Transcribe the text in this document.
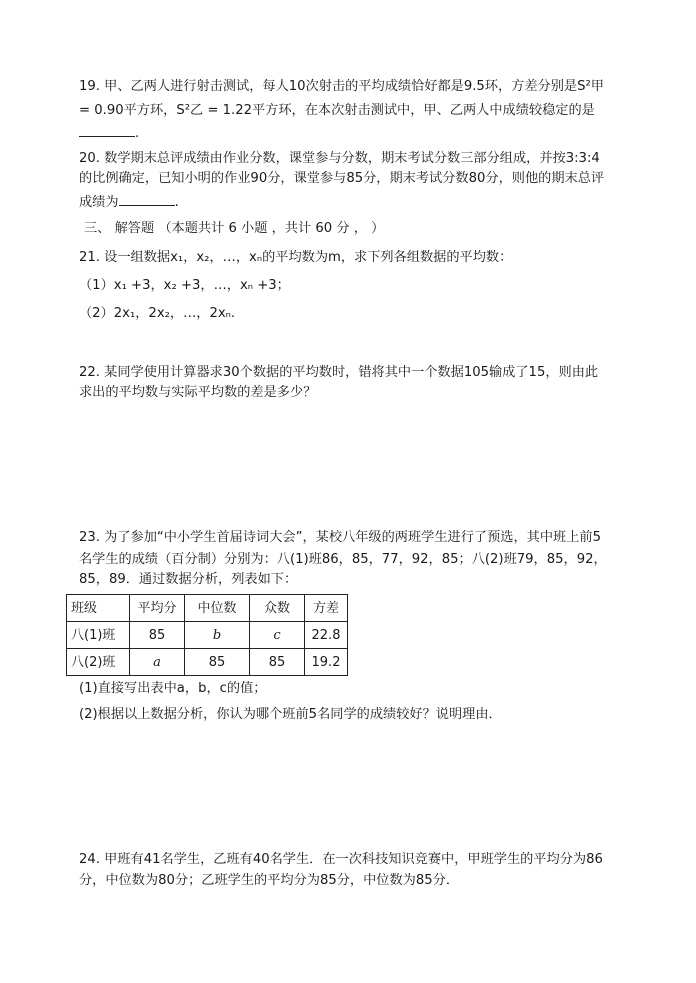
19. 甲、乙两人进行射击测试，每人10次射击的平均成绩恰好都是9.5环，方差分别是S²甲
= 0.90平方环，S²乙 = 1.22平方环，在本次射击测试中，甲、乙两人中成绩较稳定的是
.
20. 数学期末总评成绩由作业分数，课堂参与分数，期末考试分数三部分组成，并按3:3:4
的比例确定，已知小明的作业90分，课堂参与85分，期末考试分数80分，则他的期末总评
成绩为	.
三、 解答题 （本题共计 6 小题 ，共计 60 分 ， ）
21. 设一组数据x₁，x₂，…，xₙ的平均数为m，求下列各组数据的平均数：
（1）x₁ +3，x₂ +3，…，xₙ +3；
（2）2x₁，2x₂，…，2xₙ.
22. 某同学使用计算器求30个数据的平均数时，错将其中一个数据105输成了15，则由此
求出的平均数与实际平均数的差是多少？
23. 为了参加“中小学生首届诗词大会”，某校八年级的两班学生进行了预选，其中班上前5
名学生的成绩（百分制）分别为：八(1)班86，85，77，92，85；八(2)班79，85，92，
85，89．通过数据分析，列表如下：
班级	平均分	中位数	众数	方差
八(1)班	85	b	c	22.8
八(2)班	a	85	85	19.2
(1)直接写出表中a，b，c的值；
(2)根据以上数据分析，你认为哪个班前5名同学的成绩较好？说明理由．
24. 甲班有41名学生，乙班有40名学生．在一次科技知识竞赛中，甲班学生的平均分为86
分，中位数为80分；乙班学生的平均分为85分，中位数为85分．
